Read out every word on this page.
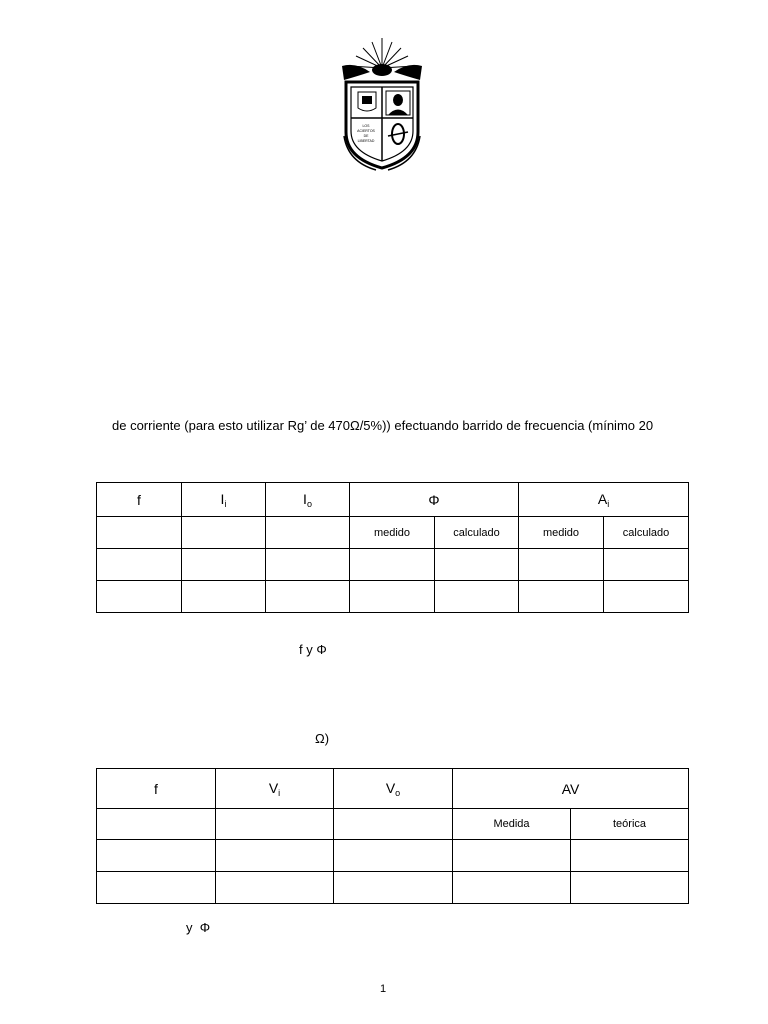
LOS
ACIERTOS
DE
LIBERTAD
de corriente (para esto utilizar Rg’ de 470Ω/5%)) efectuando barrido de frecuencia (mínimo 20
f	$I_i$	$I_o$	Φ		$A_i$
			medido	calculado	medido	calculado

f y Φ
Ω)
f	$V_i$	$V_o$	AV	
			Medida	teórica

y  Φ
1
